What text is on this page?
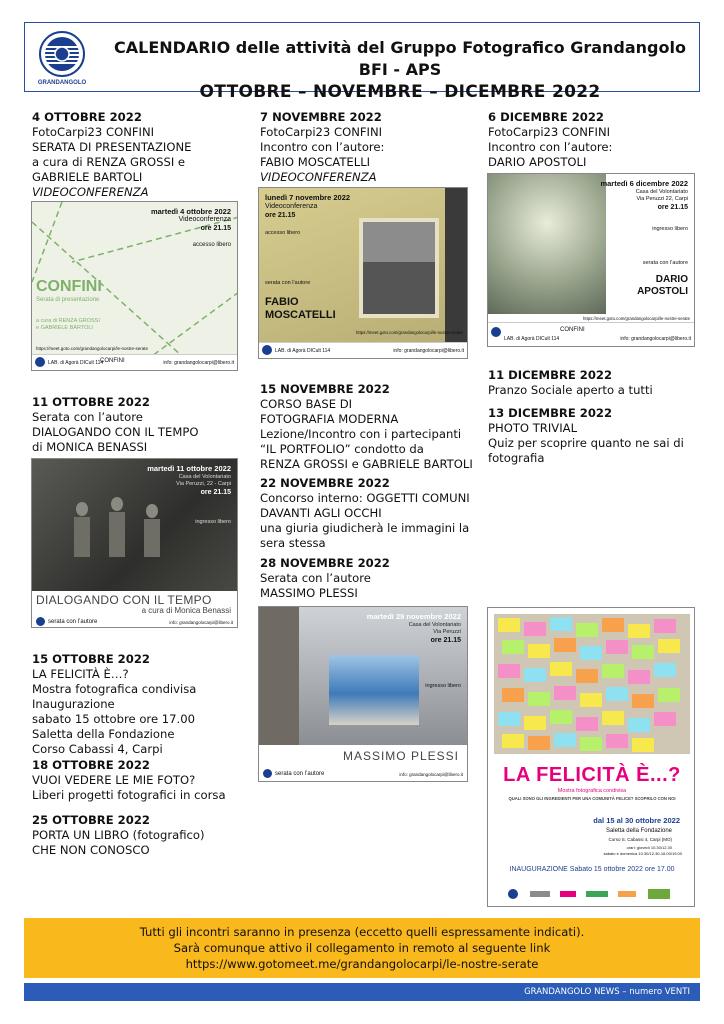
GRANDANGOLO
CALENDARIO delle attività del Gruppo Fotografico Grandangolo BFI - APS
OTTOBRE – NOVEMBRE – DICEMBRE 2022
4 OTTOBRE 2022
FotoCarpi23 CONFINI
SERATA DI PRESENTAZIONE
a cura di RENZA GROSSI e
GABRIELE BARTOLI
VIDEOCONFERENZA
martedì 4 ottobre 2022
Videoconferenza
ore 21.15
accesso libero
CONFINI
Serata di presentazione
a cura di RENZA GROSSI
e GABRIELE BARTOLI
https://meet.goto.com/grandangolocarpi/le-nostre-serate
LAB. di Agorà DICult 114
CONFINI	info: grandangolocarpi@libero.it
11 OTTOBRE 2022
Serata con l’autore
DIALOGANDO CON IL TEMPO
di MONICA BENASSI
martedì 11 ottobre 2022
Casa del Volontariato
Via Peruzzi, 22 - Carpi
ore 21.15
ingresso libero
DIALOGANDO CON IL TEMPO
a cura di Monica Benassi
serata con l’autore	info: grandangolocarpi@libero.it
15 OTTOBRE 2022
LA FELICITÀ È…?
Mostra fotografica condivisa
Inaugurazione
sabato 15 ottobre ore 17.00
Saletta della Fondazione
Corso Cabassi 4, Carpi
18 OTTOBRE 2022
VUOI VEDERE LE MIE FOTO?
Liberi progetti fotografici in corsa
25 OTTOBRE 2022
PORTA UN LIBRO (fotografico)
CHE NON CONOSCO
7 NOVEMBRE 2022
FotoCarpi23 CONFINI
Incontro con l’autore:
FABIO MOSCATELLI
VIDEOCONFERENZA
lunedì 7 novembre 2022
Videoconferenza
ore 21.15
accesso libero
serata con l’autore
FABIO
MOSCATELLI
https://meet.goto.com/grandangolocarpi/le-nostre-serate
LAB. di Agorà DICult 114	info: grandangolocarpi@libero.it
15 NOVEMBRE 2022
CORSO BASE DI
FOTOGRAFIA MODERNA
Lezione/Incontro con i partecipanti
“IL PORTFOLIO” condotto da
RENZA GROSSI e GABRIELE BARTOLI
22 NOVEMBRE 2022
Concorso interno: OGGETTI COMUNI
DAVANTI AGLI OCCHI
una giuria giudicherà le immagini la
sera stessa
28 NOVEMBRE 2022
Serata con l’autore
MASSIMO PLESSI
martedì 29 novembre 2022
Casa del Volontariato
Via Peruzzi
ore 21.15
ingresso libero
MASSIMO PLESSI
serata con l’autore	info: grandangolocarpi@libero.it
6 DICEMBRE 2022
FotoCarpi23 CONFINI
Incontro con l’autore:
DARIO APOSTOLI
martedì 6 dicembre 2022
Casa del Volontariato
Via Peruzzi 22, Carpi
ore 21.15
ingresso libero
serata con l’autore
DARIO
APOSTOLI
https://meet.goto.com/grandangolocarpi/le-nostre-serate
LAB. di Agorà DICult 114
CONFINI
info: grandangolocarpi@libero.it
11 DICEMBRE 2022
Pranzo Sociale aperto a tutti
13 DICEMBRE 2022
PHOTO TRIVIAL
Quiz per scoprire quanto ne sai di
fotografia
LA FELICITÀ È...?
Mostra fotografica condivisa
QUALI SONO GLI INGREDIENTI PER UNA COMUNITÀ FELICE? SCOPRILO CON NOI
dal 15 al 30 ottobre 2022
Saletta della Fondazione
Corso S. Cabassi 4, Carpi (MO)
orari: giovedì 10.30/12.30
sabato e domenica 10.30/12.30-16.00/19.00
INAUGURAZIONE Sabato 15 ottobre 2022 ore 17.00
Tutti gli incontri saranno in presenza (eccetto quelli espressamente indicati).
Sarà comunque attivo il collegamento in remoto al seguente link
https://www.gotomeet.me/grandangolocarpi/le-nostre-serate
GRANDANGOLO NEWS – numero VENTI
